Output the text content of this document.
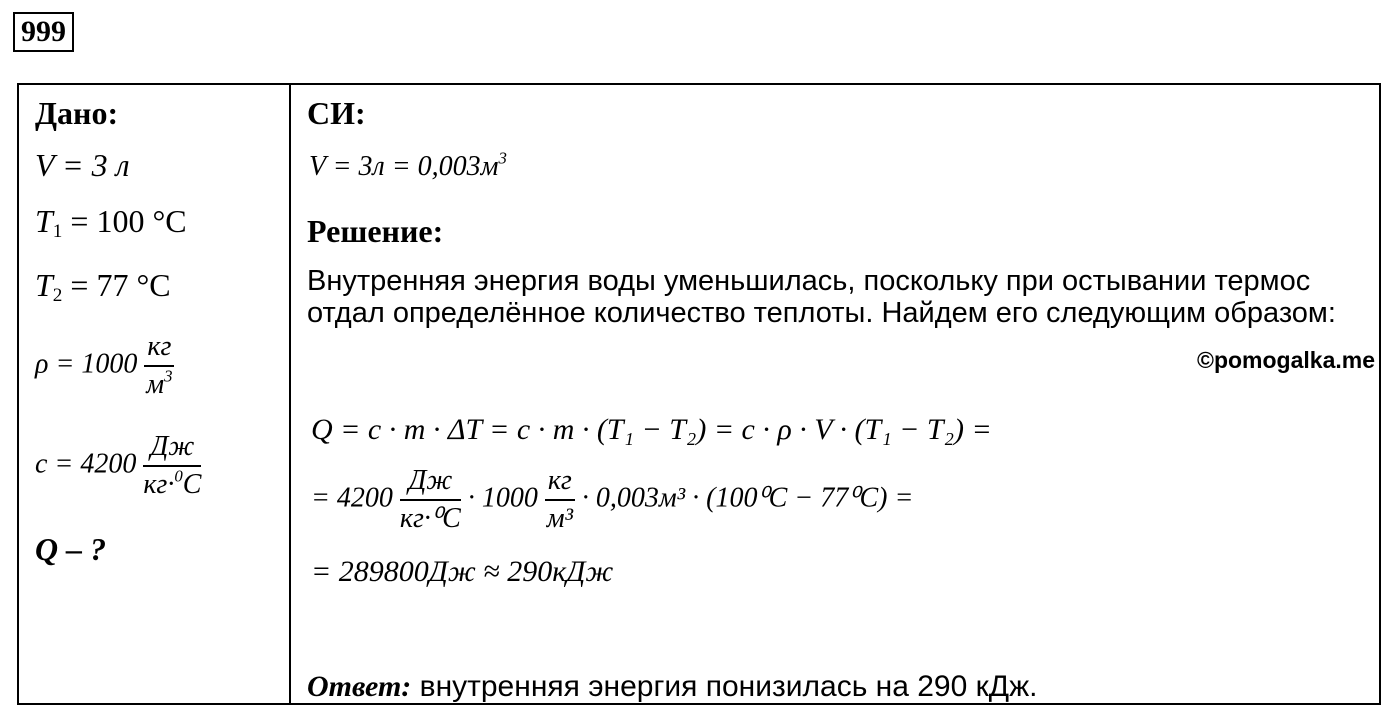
999
Дано:
V = 3 л
$T_1 = 100$ °C
$T_2 = 77$ °C
$\rho = 1000 \frac{кг}{м^3}$
$c = 4200 \frac{Дж}{кг\cdot^0C}$
Q – ?
СИ:
$V = 3л = 0,003м^3$
Решение:
Внутренняя энергия воды уменьшилась, поскольку при остывании термос отдал определённое количество теплоты. Найдем его следующим образом:
©pomogalka.me
Q = c · m · ΔT = c · m · (T₁ − T₂) = c · ρ · V · (T₁ − T₂) =
= $4200 \frac{Дж}{\text{кг·⁰C}} \cdot 1000 \frac{кг}{\text{м³}} \cdot 0,003м^3 \cdot (100^0C - 77^0C)$ =
= 289800Дж ≈ 290кДж
Ответ: внутренняя энергия понизилась на 290 кДж.
